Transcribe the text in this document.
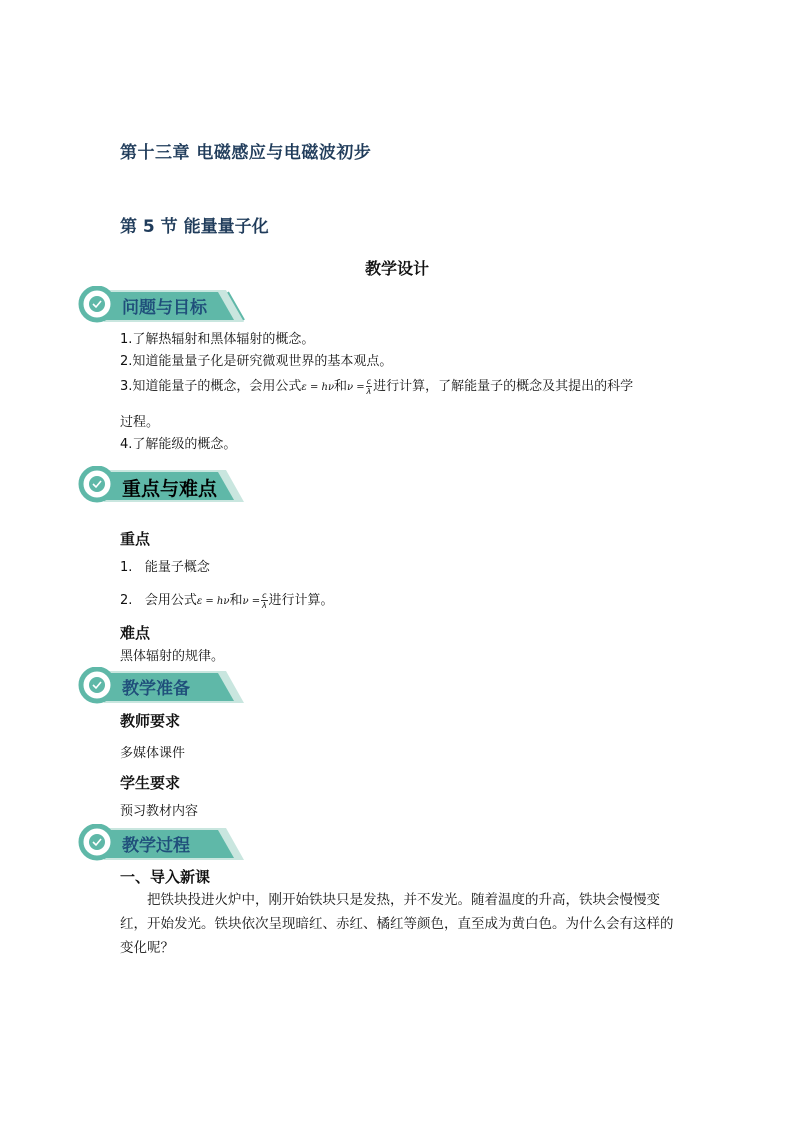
第十三章 电磁感应与电磁波初步
第 5 节 能量量子化
教学设计
问题与目标
1.了解热辐射和黑体辐射的概念。
2.知道能量量子化是研究微观世界的基本观点。
3.知道能量子的概念，会用公式ε = hν和$\nu = \frac{c}{\lambda}$ 进行计算，了解能量子的概念及其提出的科学
过程。
4.了解能级的概念。
重点与难点
重点
1. 能量子概念
2. 会用公式ε = hν和$\nu = \frac{c}{\lambda}$ 进行计算。
难点
黑体辐射的规律。
教学准备
教师要求
多媒体课件
学生要求
预习教材内容
教学过程
一、导入新课
把铁块投进火炉中，刚开始铁块只是发热，并不发光。随着温度的升高，铁块会慢慢变红，开始发光。铁块依次呈现暗红、赤红、橘红等颜色，直至成为黄白色。为什么会有这样的变化呢？
